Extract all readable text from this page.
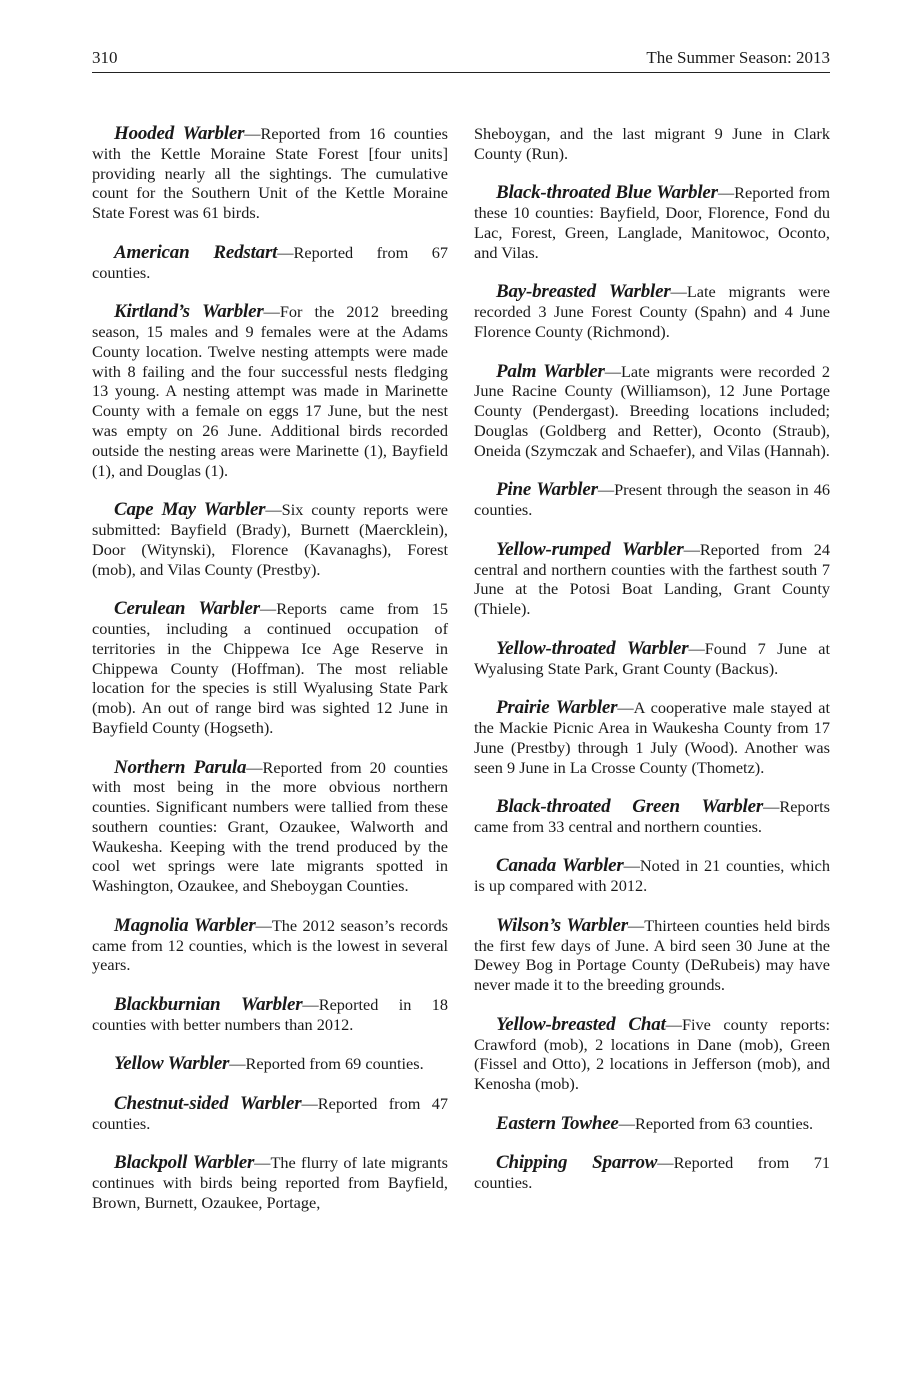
310	The Summer Season: 2013

Hooded Warbler—Reported from 16 counties with the Kettle Moraine State Forest [four units] providing nearly all the sightings. The cumulative count for the Southern Unit of the Kettle Moraine State Forest was 61 birds.

American Redstart—Reported from 67 counties.

Kirtland’s Warbler—For the 2012 breeding season, 15 males and 9 females were at the Adams County location. Twelve nesting attempts were made with 8 failing and the four successful nests fledging 13 young. A nesting attempt was made in Marinette County with a female on eggs 17 June, but the nest was empty on 26 June. Additional birds recorded outside the nesting areas were Marinette (1), Bayfield (1), and Douglas (1).

Cape May Warbler—Six county reports were submitted: Bayfield (Brady), Burnett (Maercklein), Door (Witynski), Florence (Kavanaghs), Forest (mob), and Vilas County (Prestby).

Cerulean Warbler—Reports came from 15 counties, including a continued occupation of territories in the Chippewa Ice Age Reserve in Chippewa County (Hoffman). The most reliable location for the species is still Wyalusing State Park (mob). An out of range bird was sighted 12 June in Bayfield County (Hogseth).

Northern Parula—Reported from 20 counties with most being in the more obvious northern counties. Significant numbers were tallied from these southern counties: Grant, Ozaukee, Walworth and Waukesha. Keeping with the trend produced by the cool wet springs were late migrants spotted in Washington, Ozaukee, and Sheboygan Counties.

Magnolia Warbler—The 2012 season’s records came from 12 counties, which is the lowest in several years.

Blackburnian Warbler—Reported in 18 counties with better numbers than 2012.

Yellow Warbler—Reported from 69 counties.

Chestnut-sided Warbler—Reported from 47 counties.

Blackpoll Warbler—The flurry of late migrants continues with birds being reported from Bayfield, Brown, Burnett, Ozaukee, Portage,

Sheboygan, and the last migrant 9 June in Clark County (Run).

Black-throated Blue Warbler—Reported from these 10 counties: Bayfield, Door, Florence, Fond du Lac, Forest, Green, Langlade, Manitowoc, Oconto, and Vilas.

Bay-breasted Warbler—Late migrants were recorded 3 June Forest County (Spahn) and 4 June Florence County (Richmond).

Palm Warbler—Late migrants were recorded 2 June Racine County (Williamson), 12 June Portage County (Pendergast). Breeding locations included; Douglas (Goldberg and Retter), Oconto (Straub), Oneida (Szymczak and Schaefer), and Vilas (Hannah).

Pine Warbler—Present through the season in 46 counties.

Yellow-rumped Warbler—Reported from 24 central and northern counties with the farthest south 7 June at the Potosi Boat Landing, Grant County (Thiele).

Yellow-throated Warbler—Found 7 June at Wyalusing State Park, Grant County (Backus).

Prairie Warbler—A cooperative male stayed at the Mackie Picnic Area in Waukesha County from 17 June (Prestby) through 1 July (Wood). Another was seen 9 June in La Crosse County (Thometz).

Black-throated Green Warbler—Reports came from 33 central and northern counties.

Canada Warbler—Noted in 21 counties, which is up compared with 2012.

Wilson’s Warbler—Thirteen counties held birds the first few days of June. A bird seen 30 June at the Dewey Bog in Portage County (DeRubeis) may have never made it to the breeding grounds.

Yellow-breasted Chat—Five county reports: Crawford (mob), 2 locations in Dane (mob), Green (Fissel and Otto), 2 locations in Jefferson (mob), and Kenosha (mob).

Eastern Towhee—Reported from 63 counties.

Chipping Sparrow—Reported from 71 counties.
